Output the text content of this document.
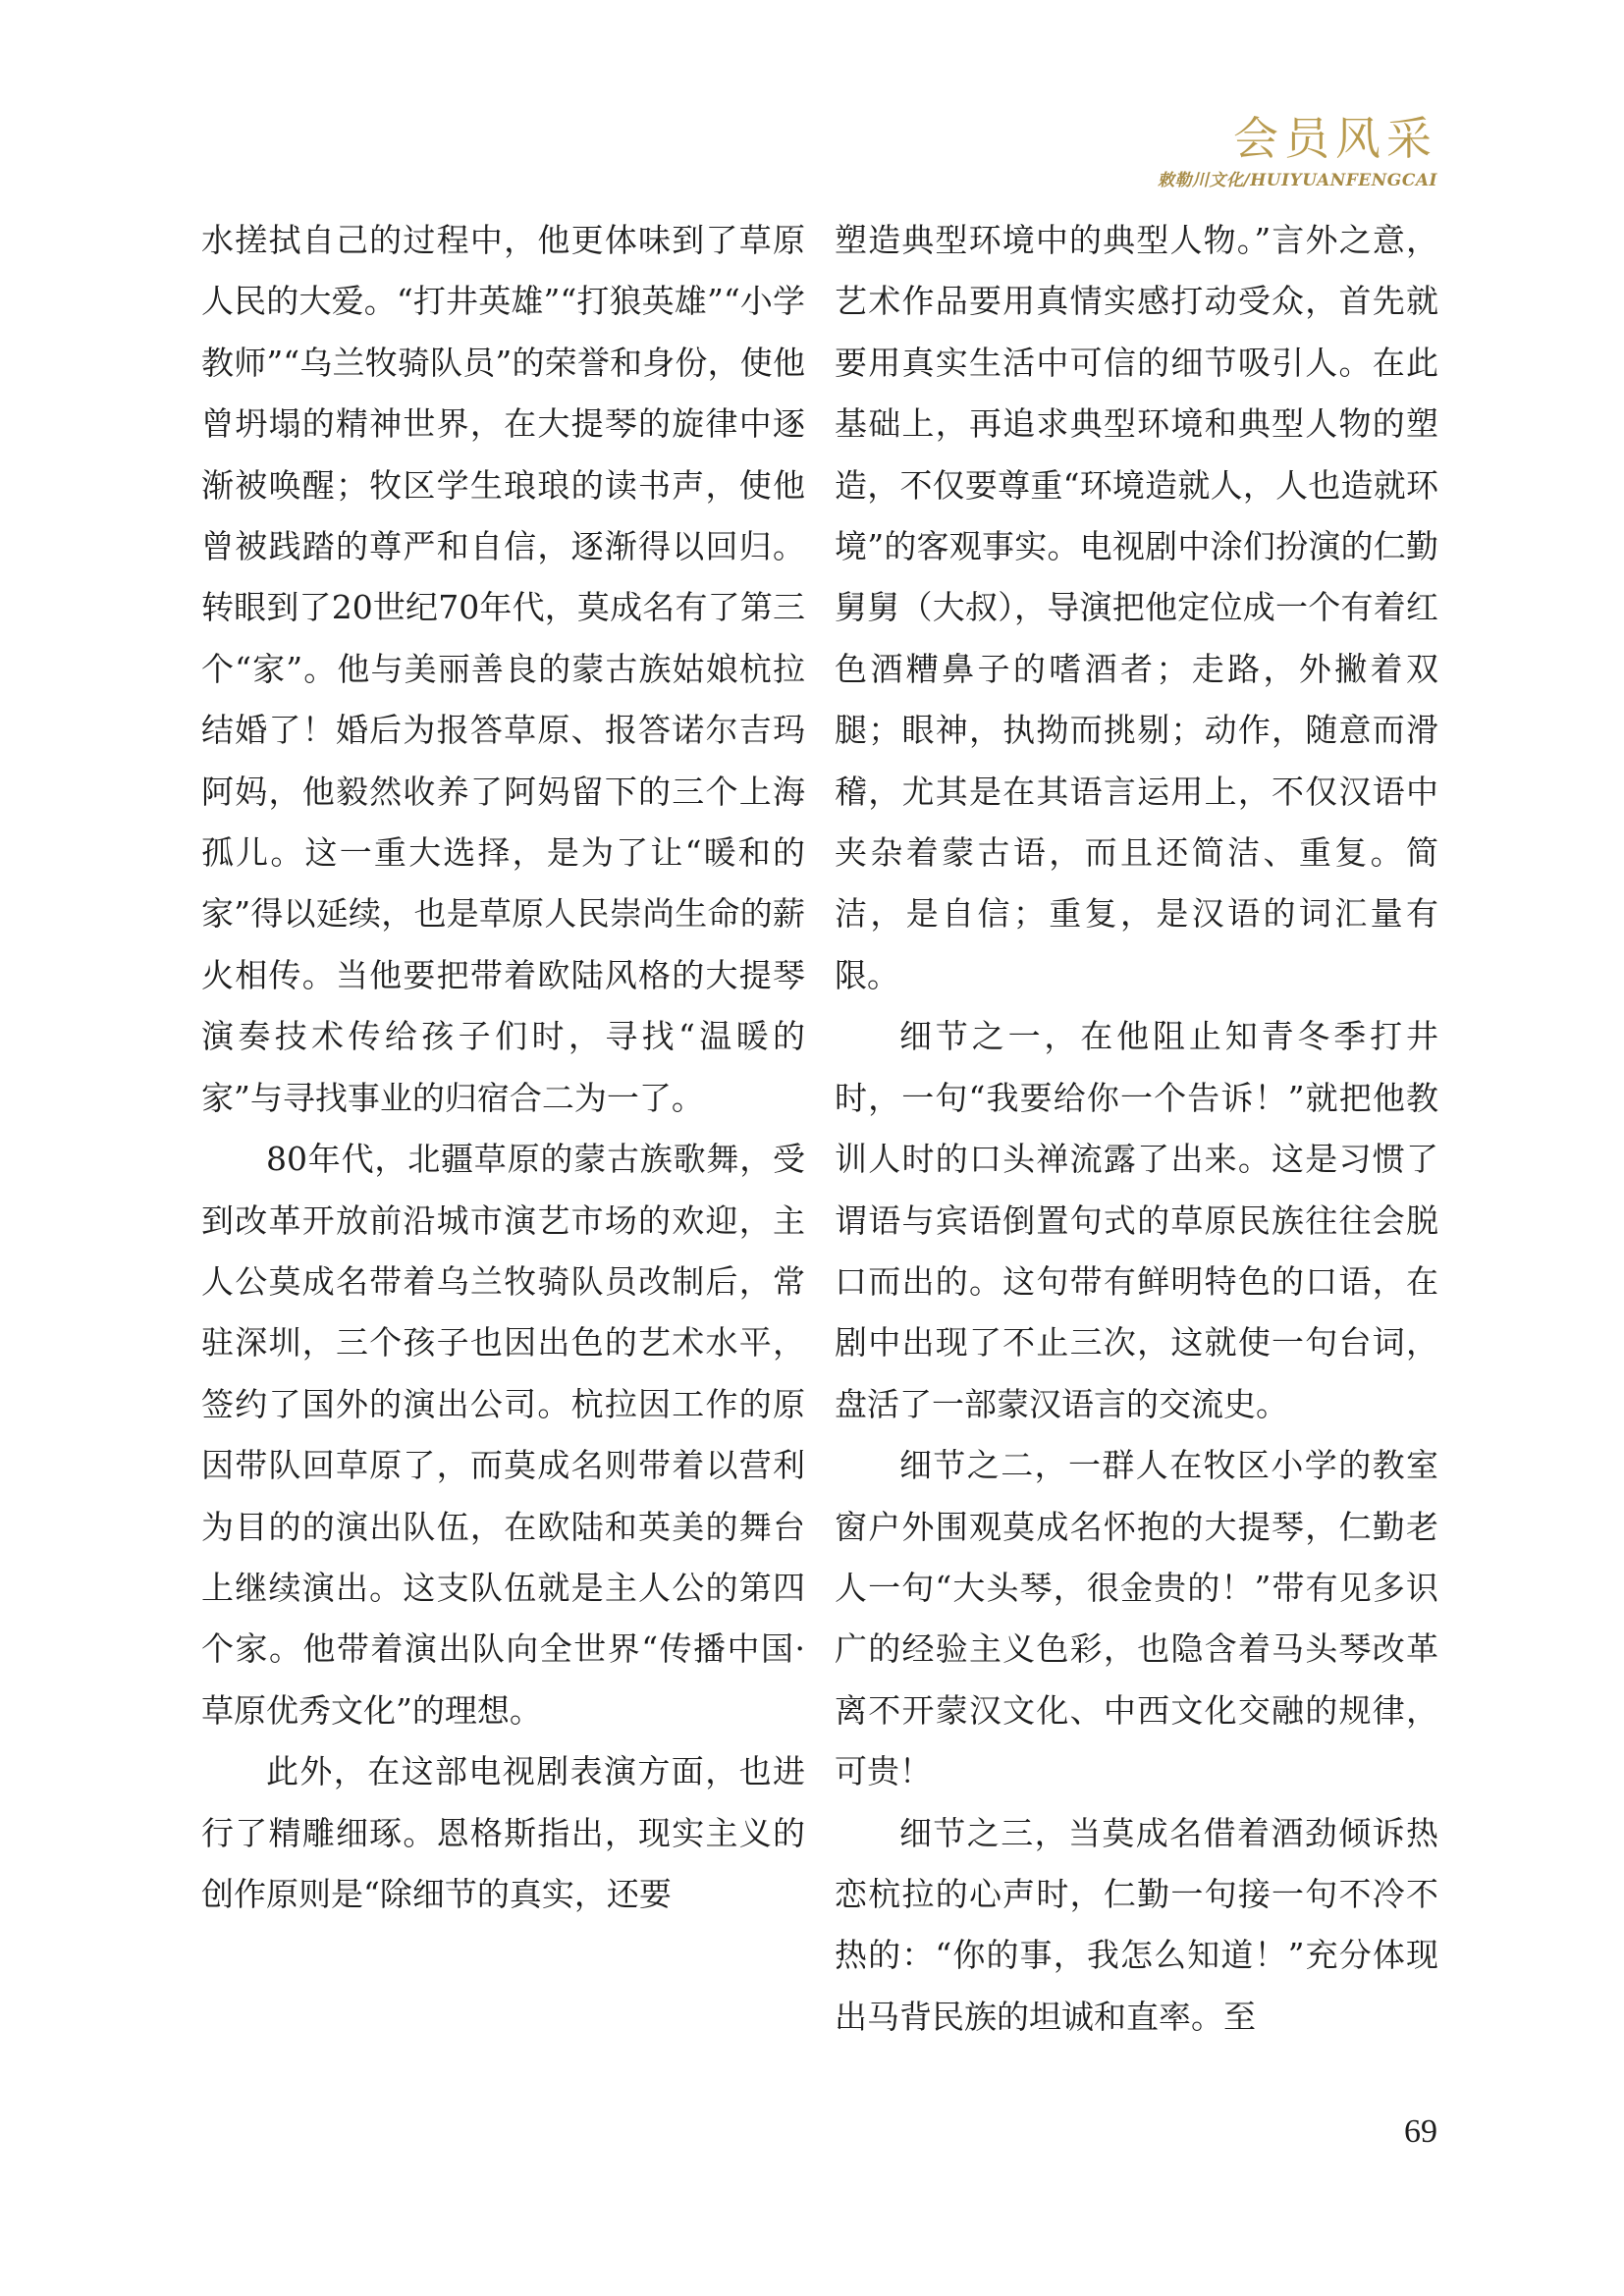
会员风采
敕勒川文化/HUIYUANFENGCAI

水搓拭自己的过程中，他更体味到了草原人民的大爱。“打井英雄”“打狼英雄”“小学教师”“乌兰牧骑队员”的荣誉和身份，使他曾坍塌的精神世界，在大提琴的旋律中逐渐被唤醒；牧区学生琅琅的读书声，使他曾被践踏的尊严和自信，逐渐得以回归。转眼到了20世纪70年代，莫成名有了第三个“家”。他与美丽善良的蒙古族姑娘杭拉结婚了！婚后为报答草原、报答诺尔吉玛阿妈，他毅然收养了阿妈留下的三个上海孤儿。这一重大选择，是为了让“暖和的家”得以延续，也是草原人民崇尚生命的薪火相传。当他要把带着欧陆风格的大提琴演奏技术传给孩子们时，寻找“温暖的家”与寻找事业的归宿合二为一了。

80年代，北疆草原的蒙古族歌舞，受到改革开放前沿城市演艺市场的欢迎，主人公莫成名带着乌兰牧骑队员改制后，常驻深圳，三个孩子也因出色的艺术水平，签约了国外的演出公司。杭拉因工作的原因带队回草原了，而莫成名则带着以营利为目的的演出队伍，在欧陆和英美的舞台上继续演出。这支队伍就是主人公的第四个家。他带着演出队向全世界“传播中国·草原优秀文化”的理想。

此外，在这部电视剧表演方面，也进行了精雕细琢。恩格斯指出，现实主义的创作原则是“除细节的真实，还要

塑造典型环境中的典型人物。”言外之意，艺术作品要用真情实感打动受众，首先就要用真实生活中可信的细节吸引人。在此基础上，再追求典型环境和典型人物的塑造，不仅要尊重“环境造就人，人也造就环境”的客观事实。电视剧中涂们扮演的仁勤舅舅（大叔），导演把他定位成一个有着红色酒糟鼻子的嗜酒者；走路，外撇着双腿；眼神，执拗而挑剔；动作，随意而滑稽，尤其是在其语言运用上，不仅汉语中夹杂着蒙古语，而且还简洁、重复。简洁，是自信；重复，是汉语的词汇量有限。

细节之一，在他阻止知青冬季打井时，一句“我要给你一个告诉！”就把他教训人时的口头禅流露了出来。这是习惯了谓语与宾语倒置句式的草原民族往往会脱口而出的。这句带有鲜明特色的口语，在剧中出现了不止三次，这就使一句台词，盘活了一部蒙汉语言的交流史。

细节之二，一群人在牧区小学的教室窗户外围观莫成名怀抱的大提琴，仁勤老人一句“大头琴，很金贵的！”带有见多识广的经验主义色彩，也隐含着马头琴改革离不开蒙汉文化、中西文化交融的规律，可贵！

细节之三，当莫成名借着酒劲倾诉热恋杭拉的心声时，仁勤一句接一句不冷不热的：“你的事，我怎么知道！”充分体现出马背民族的坦诚和直率。至

69
